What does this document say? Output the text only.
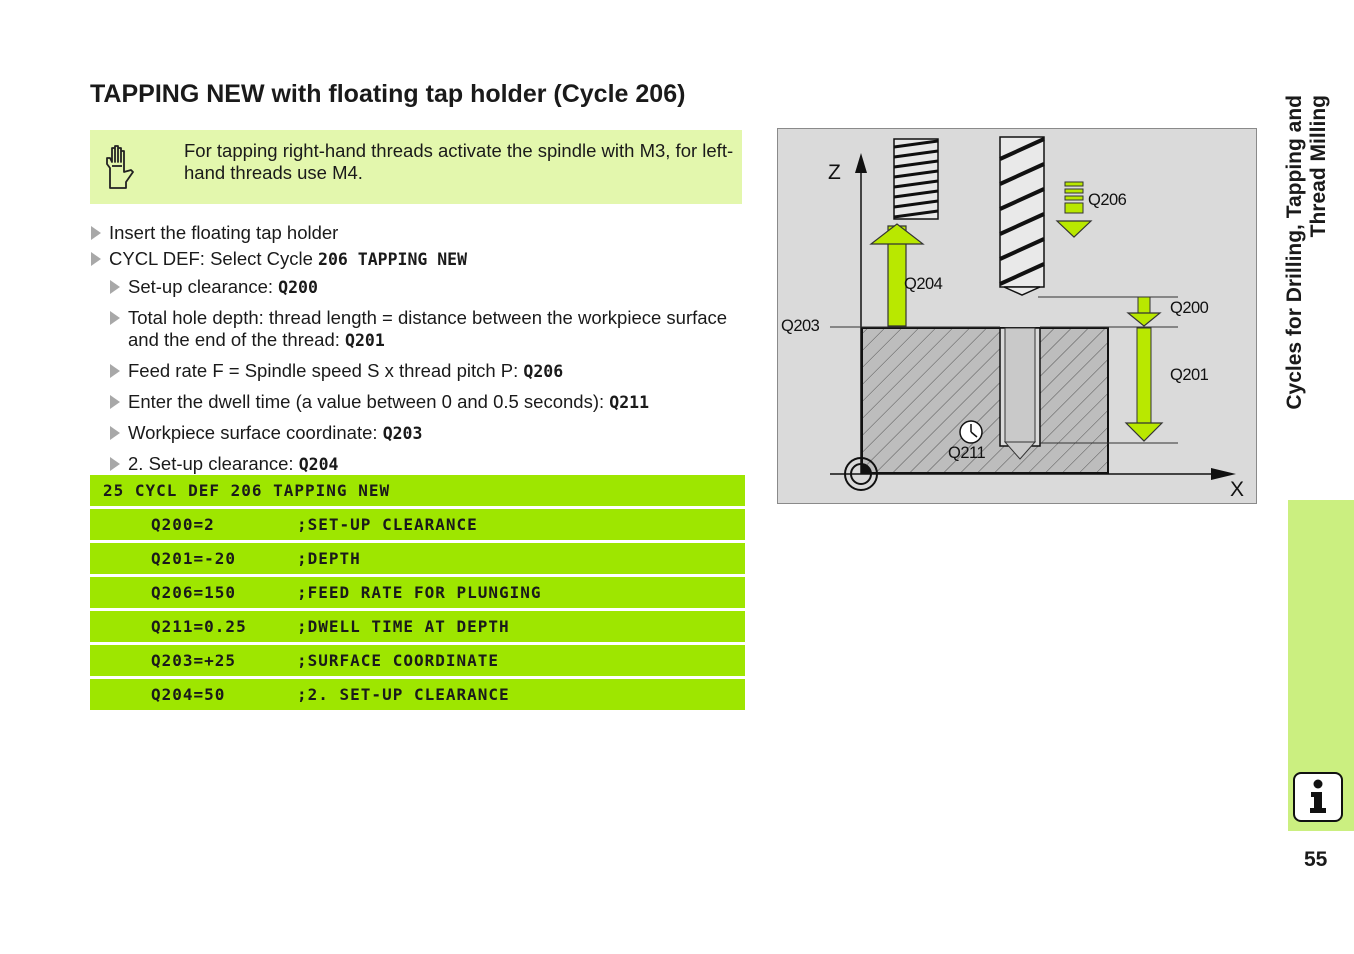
TAPPING NEW with floating tap holder (Cycle 206)
For tapping right-hand threads activate the spindle with M3, for left-hand threads use M4.
Insert the floating tap holder
CYCL DEF: Select Cycle 206 TAPPING NEW
Set-up clearance: Q200
Total hole depth: thread length = distance between the workpiece surface and the end of the thread: Q201
Feed rate F = Spindle speed S x thread pitch P: Q206
Enter the dwell time (a value between 0 and 0.5 seconds): Q211
Workpiece surface coordinate: Q203
2. Set-up clearance: Q204
25 CYCL DEF 206 TAPPING NEW
Q200=2	;SET-UP CLEARANCE
Q201=-20	;DEPTH
Q206=150	;FEED RATE FOR PLUNGING
Q211=0.25	;DWELL TIME AT DEPTH
Q203=+25	;SURFACE COORDINATE
Q204=50	;2. SET-UP CLEARANCE
Z
X
Q206
Q204
Q200
Q203
Q201
Q211
Cycles for Drilling, Tapping and Thread Milling
55
